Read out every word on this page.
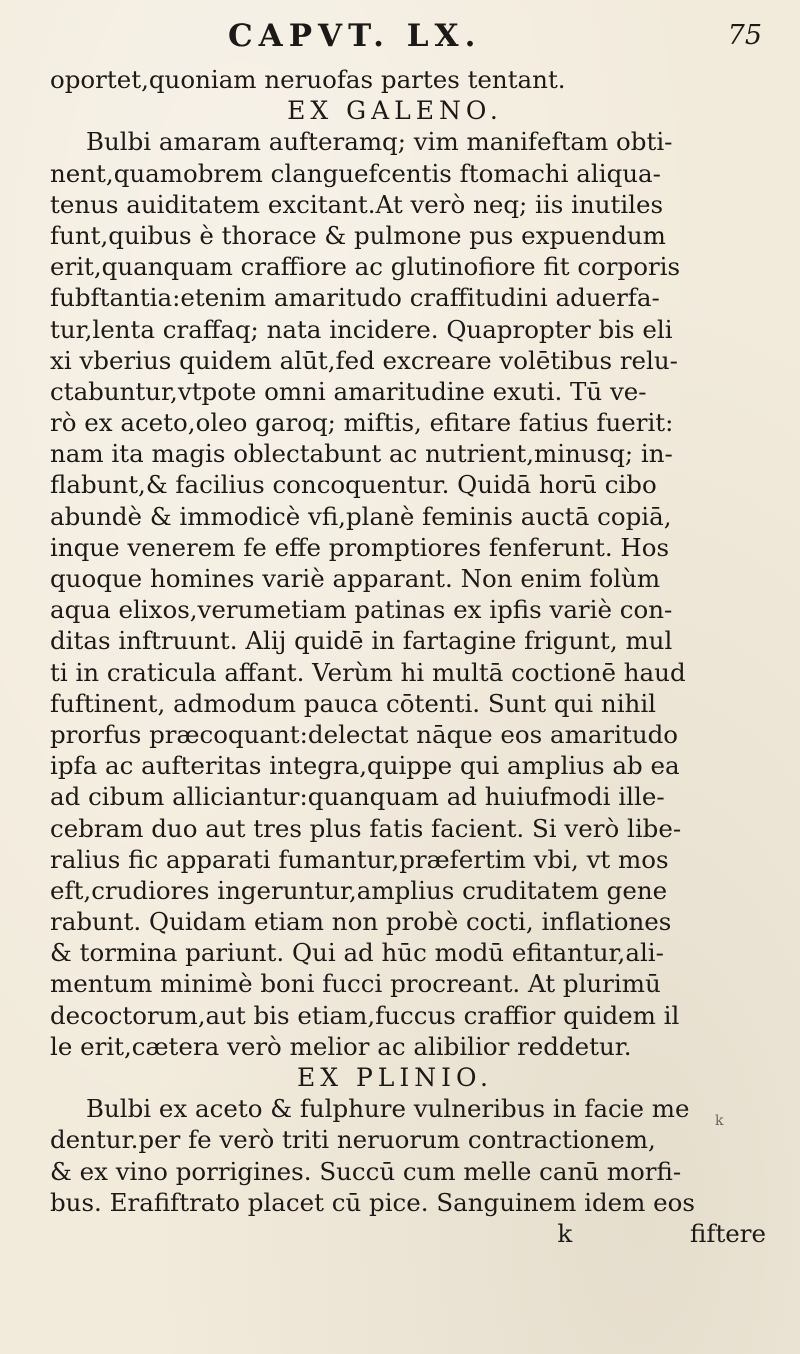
CAPVT. LX.	75
oportet,quoniam neruofas partes tentant.
EX GALENO.
Bulbi amaram aufteramq; vim manifeftam obti-
nent,quamobrem clanguefcentis ftomachi aliqua-
tenus auiditatem excitant.At verò neq; iis inutiles
funt,quibus è thorace & pulmone pus expuendum
erit,quanquam craffiore ac glutinofiore fit corporis
fubftantia:etenim amaritudo craffitudini aduerfa-
tur,lenta craffaq; nata incidere. Quapropter bis eli
xi vberius quidem alūt,fed excreare volētibus relu-
ctabuntur,vtpote omni amaritudine exuti. Tū ve-
rò ex aceto,oleo garoq; miftis, efitare fatius fuerit:
nam ita magis oblectabunt ac nutrient,minusq; in-
flabunt,& facilius concoquentur. Quidā horū cibo
abundè & immodicè vfi,planè feminis auctā copiā,
inque venerem fe effe promptiores fenferunt. Hos
quoque homines variè apparant. Non enim folùm
aqua elixos,verumetiam patinas ex ipfis variè con-
ditas inftruunt. Alij quidē in fartagine frigunt, mul
ti in craticula affant. Verùm hi multā coctionē haud
fuftinent, admodum pauca cōtenti. Sunt qui nihil
prorfus præcoquant:delectat nāque eos amaritudo
ipfa ac aufteritas integra,quippe qui amplius ab ea
ad cibum alliciantur:quanquam ad huiufmodi ille-
cebram duo aut tres plus fatis facient. Si verò libe-
ralius fic apparati fumantur,præfertim vbi, vt mos
eft,crudiores ingeruntur,amplius cruditatem gene
rabunt. Quidam etiam non probè cocti, inflationes
& tormina pariunt. Qui ad hūc modū efitantur,ali-
mentum minimè boni fucci procreant. At plurimū
decoctorum,aut bis etiam,fuccus craffior quidem il
le erit,cætera verò melior ac alibilior reddetur.
EX PLINIO.
Bulbi ex aceto & fulphure vulneribus in facie me
dentur.per fe verò triti neruorum contractionem,
& ex vino porrigines. Succū cum melle canū morfi-
bus. Erafiftrato placet cū pice. Sanguinem idem eos
k	fiftere
k
